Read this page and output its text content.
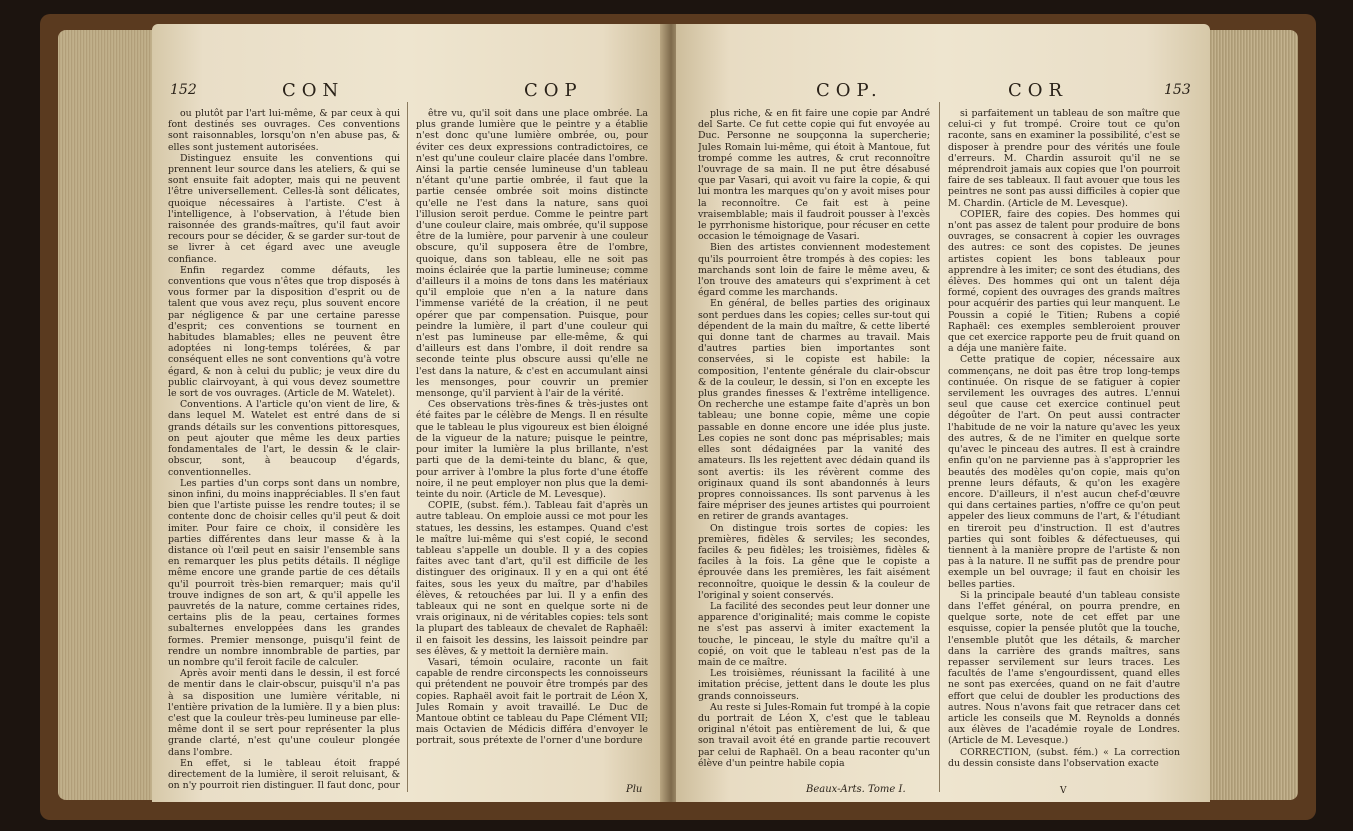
152	CON	COP

ou plutôt par l'art lui-même, & par ceux à qui font destinés ses ouvrages. Ces conventions sont raisonnables, lorsqu'on n'en abuse pas, & elles sont justement autorisées.

Distinguez ensuite les conventions qui prennent leur source dans les ateliers, & qui se sont ensuite fait adopter, mais qui ne peuvent l'être universellement. Celles-là sont délicates, quoique nécessaires à l'artiste. C'est à l'intelligence, à l'observation, à l'étude bien raisonnée des grands-maîtres, qu'il faut avoir recours pour se décider, & se garder sur-tout de se livrer à cet égard avec une aveugle confiance.

Enfin regardez comme défauts, les conventions que vous n'êtes que trop disposés à vous former par la disposition d'esprit ou de talent que vous avez reçu, plus souvent encore par négligence & par une certaine paresse d'esprit; ces conventions se tournent en habitudes blamables; elles ne peuvent être adoptées ni long-temps tolérées, & par conséquent elles ne sont conventions qu'à votre égard, & non à celui du public; je veux dire du public clairvoyant, à qui vous devez soumettre le sort de vos ouvrages. (Article de M. Watelet).

Conventions. A l'article qu'on vient de lire, & dans lequel M. Watelet est entré dans de si grands détails sur les conventions pittoresques, on peut ajouter que même les deux parties fondamentales de l'art, le dessin & le clair-obscur, sont, à beaucoup d'égards, conventionnelles.

Les parties d'un corps sont dans un nombre, sinon infini, du moins inappréciables. Il s'en faut bien que l'artiste puisse les rendre toutes; il se contente donc de choisir celles qu'il peut & doit imiter. Pour faire ce choix, il considère les parties différentes dans leur masse & à la distance où l'œil peut en saisir l'ensemble sans en remarquer les plus petits détails. Il néglige même encore une grande partie de ces détails qu'il pourroit très-bien remarquer; mais qu'il trouve indignes de son art, & qu'il appelle les pauvretés de la nature, comme certaines rides, certains plis de la peau, certaines formes subalternes enveloppées dans les grandes formes. Premier mensonge, puisqu'il feint de rendre un nombre innombrable de parties, par un nombre qu'il feroit facile de calculer.

Après avoir menti dans le dessin, il est forcé de mentir dans le clair-obscur, puisqu'il n'a pas à sa disposition une lumière véritable, ni l'entière privation de la lumière. Il y a bien plus: c'est que la couleur très-peu lumineuse par elle-même dont il se sert pour représenter la plus grande clarté, n'est qu'une couleur plongée dans l'ombre.

En effet, si le tableau étoit frappé directement de la lumière, il seroit reluisant, & on n'y pourroit rien distinguer. Il faut donc, pour

être vu, qu'il soit dans une place ombrée. La plus grande lumière que le peintre y a établie n'est donc qu'une lumière ombrée, ou, pour éviter ces deux expressions contradictoires, ce n'est qu'une couleur claire placée dans l'ombre. Ainsi la partie censée lumineuse d'un tableau n'étant qu'une partie ombrée, il faut que la partie censée ombrée soit moins distincte qu'elle ne l'est dans la nature, sans quoi l'illusion seroit perdue. Comme le peintre part d'une couleur claire, mais ombrée, qu'il suppose être de la lumière, pour parvenir à une couleur obscure, qu'il supposera être de l'ombre, quoique, dans son tableau, elle ne soit pas moins éclairée que la partie lumineuse; comme d'ailleurs il a moins de tons dans les matériaux qu'il emploie que n'en a la nature dans l'immense variété de la création, il ne peut opérer que par compensation. Puisque, pour peindre la lumière, il part d'une couleur qui n'est pas lumineuse par elle-même, & qui d'ailleurs est dans l'ombre, il doit rendre sa seconde teinte plus obscure aussi qu'elle ne l'est dans la nature, & c'est en accumulant ainsi les mensonges, pour couvrir un premier mensonge, qu'il parvient à l'air de la vérité.

Ces observations très-fines & très-justes ont été faites par le célèbre de Mengs. Il en résulte que le tableau le plus vigoureux est bien éloigné de la vigueur de la nature; puisque le peintre, pour imiter la lumière la plus brillante, n'est parti que de la demi-teinte du blanc, & que, pour arriver à l'ombre la plus forte d'une étoffe noire, il ne peut employer non plus que la demi-teinte du noir. (Article de M. Levesque).

COPIE, (subst. fém.). Tableau fait d'après un autre tableau. On emploie aussi ce mot pour les statues, les dessins, les estampes. Quand c'est le maître lui-même qui s'est copié, le second tableau s'appelle un double. Il y a des copies faites avec tant d'art, qu'il est difficile de les distinguer des originaux. Il y en a qui ont été faites, sous les yeux du maître, par d'habiles élèves, & retouchées par lui. Il y a enfin des tableaux qui ne sont en quelque sorte ni de vrais originaux, ni de véritables copies: tels sont la plupart des tableaux de chevalet de Raphaël: il en faisoit les dessins, les laissoit peindre par ses élèves, & y mettoit la dernière main.

Vasari, témoin oculaire, raconte un fait capable de rendre circonspects les connoisseurs qui prétendent ne pouvoir être trompés par des copies. Raphaël avoit fait le portrait de Léon X, Jules Romain y avoit travaillé. Le Duc de Mantoue obtint ce tableau du Pape Clément VII; mais Octavien de Médicis différa d'envoyer le portrait, sous prétexte de l'orner d'une bordure

Plu
COP.	COR	153

plus riche, & en fit faire une copie par André del Sarte. Ce fut cette copie qui fut envoyée au Duc. Personne ne soupçonna la supercherie; Jules Romain lui-même, qui étoit à Mantoue, fut trompé comme les autres, & crut reconnoître l'ouvrage de sa main. Il ne put être désabusé que par Vasari, qui avoit vu faire la copie, & qui lui montra les marques qu'on y avoit mises pour la reconnoître. Ce fait est à peine vraisemblable; mais il faudroit pousser à l'excès le pyrrhonisme historique, pour récuser en cette occasion le témoignage de Vasari.

Bien des artistes conviennent modestement qu'ils pourroient être trompés à des copies: les marchands sont loin de faire le même aveu, & l'on trouve des amateurs qui s'expriment à cet égard comme les marchands.

En général, de belles parties des originaux sont perdues dans les copies; celles sur-tout qui dépendent de la main du maître, & cette liberté qui donne tant de charmes au travail. Mais d'autres parties bien importantes sont conservées, si le copiste est habile: la composition, l'entente générale du clair-obscur & de la couleur, le dessin, si l'on en excepte les plus grandes finesses & l'extrême intelligence. On recherche une estampe faite d'après un bon tableau; une bonne copie, même une copie passable en donne encore une idée plus juste. Les copies ne sont donc pas méprisables; mais elles sont dédaignées par la vanité des amateurs. Ils les rejettent avec dédain quand ils sont avertis: ils les révèrent comme des originaux quand ils sont abandonnés à leurs propres connoissances. Ils sont parvenus à les faire mépriser des jeunes artistes qui pourroient en retirer de grands avantages.

On distingue trois sortes de copies: les premières, fidèles & serviles; les secondes, faciles & peu fidèles; les troisièmes, fidèles & faciles à la fois. La gêne que le copiste a éprouvée dans les premières, les fait aisément reconnoître, quoique le dessin & la couleur de l'original y soient conservés.

La facilité des secondes peut leur donner une apparence d'originalité; mais comme le copiste ne s'est pas asservi à imiter exactement la touche, le pinceau, le style du maître qu'il a copié, on voit que le tableau n'est pas de la main de ce maître.

Les troisièmes, réunissant la facilité à une imitation précise, jettent dans le doute les plus grands connoisseurs.

Au reste si Jules-Romain fut trompé à la copie du portrait de Léon X, c'est que le tableau original n'étoit pas entièrement de lui, & que son travail avoit été en grande partie recouvert par celui de Raphaël. On a beau raconter qu'un élève d'un peintre habile copia

si parfaitement un tableau de son maître que celui-ci y fut trompé. Croire tout ce qu'on raconte, sans en examiner la possibilité, c'est se disposer à prendre pour des vérités une foule d'erreurs. M. Chardin assuroit qu'il ne se méprendroit jamais aux copies que l'on pourroit faire de ses tableaux. Il faut avouer que tous les peintres ne sont pas aussi difficiles à copier que M. Chardin. (Article de M. Levesque).

COPIER, faire des copies. Des hommes qui n'ont pas assez de talent pour produire de bons ouvrages, se consacrent à copier les ouvrages des autres: ce sont des copistes. De jeunes artistes copient les bons tableaux pour apprendre à les imiter; ce sont des étudians, des élèves. Des hommes qui ont un talent déja formé, copient des ouvrages des grands maîtres pour acquérir des parties qui leur manquent. Le Poussin a copié le Titien; Rubens a copié Raphaël: ces exemples sembleroient prouver que cet exercice rapporte peu de fruit quand on a déja une manière faite.

Cette pratique de copier, nécessaire aux commençans, ne doit pas être trop long-temps continuée. On risque de se fatiguer à copier servilement les ouvrages des autres. L'ennui seul que cause cet exercice continuel peut dégoûter de l'art. On peut aussi contracter l'habitude de ne voir la nature qu'avec les yeux des autres, & de ne l'imiter en quelque sorte qu'avec le pinceau des autres. Il est à craindre enfin qu'on ne parvienne pas à s'approprier les beautés des modèles qu'on copie, mais qu'on prenne leurs défauts, & qu'on les exagère encore. D'ailleurs, il n'est aucun chef-d'œuvre qui dans certaines parties, n'offre ce qu'on peut appeler des lieux communs de l'art, & l'étudiant en tireroit peu d'instruction. Il est d'autres parties qui sont foibles & défectueuses, qui tiennent à la manière propre de l'artiste & non pas à la nature. Il ne suffit pas de prendre pour exemple un bel ouvrage; il faut en choisir les belles parties.

Si la principale beauté d'un tableau consiste dans l'effet général, on pourra prendre, en quelque sorte, note de cet effet par une esquisse, copier la pensée plutôt que la touche, l'ensemble plutôt que les détails, & marcher dans la carrière des grands maîtres, sans repasser servilement sur leurs traces. Les facultés de l'ame s'engourdissent, quand elles ne sont pas exercées, quand on ne fait d'autre effort que celui de doubler les productions des autres. Nous n'avons fait que retracer dans cet article les conseils que M. Reynolds a donnés aux élèves de l'académie royale de Londres. (Article de M. Levesque.)

CORRECTION, (subst. fém.) « La correction du dessin consiste dans l'observation exacte

Beaux-Arts. Tome I.	V
